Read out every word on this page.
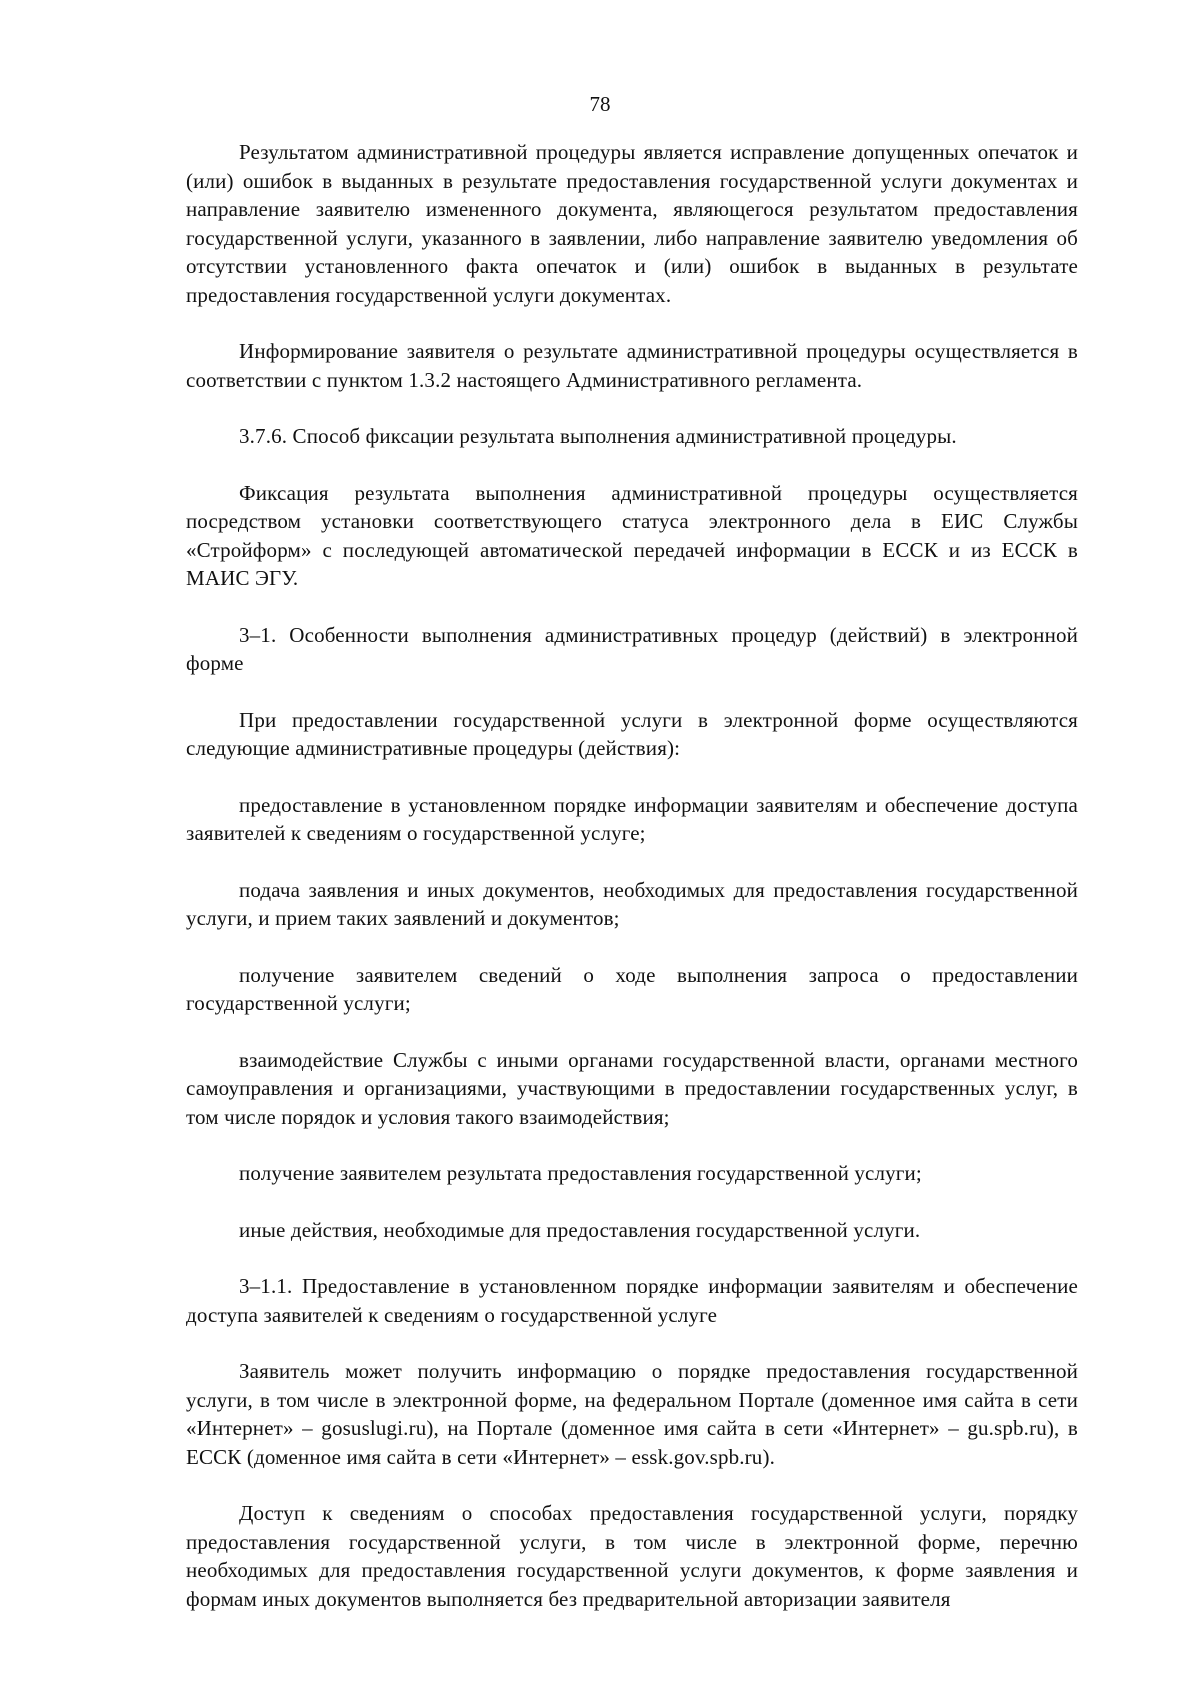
78

Результатом административной процедуры является исправление допущенных опечаток и (или) ошибок в выданных в результате предоставления государственной услуги документах и направление заявителю измененного документа, являющегося результатом предоставления государственной услуги, указанного в заявлении, либо направление заявителю уведомления об отсутствии установленного факта опечаток и (или) ошибок в выданных в результате предоставления государственной услуги документах.

Информирование заявителя о результате административной процедуры осуществляется в соответствии с пунктом 1.3.2 настоящего Административного регламента.

3.7.6. Способ фиксации результата выполнения административной процедуры.

Фиксация результата выполнения административной процедуры осуществляется посредством установки соответствующего статуса электронного дела в ЕИС Службы «Стройформ» с последующей автоматической передачей информации в ЕССК и из ЕССК в МАИС ЭГУ.

3–1. Особенности выполнения административных процедур (действий) в электронной форме

При предоставлении государственной услуги в электронной форме осуществляются следующие административные процедуры (действия):

предоставление в установленном порядке информации заявителям и обеспечение доступа заявителей к сведениям о государственной услуге;

подача заявления и иных документов, необходимых для предоставления государственной услуги, и прием таких заявлений и документов;

получение заявителем сведений о ходе выполнения запроса о предоставлении государственной услуги;

взаимодействие Службы с иными органами государственной власти, органами местного самоуправления и организациями, участвующими в предоставлении государственных услуг, в том числе порядок и условия такого взаимодействия;

получение заявителем результата предоставления государственной услуги;

иные действия, необходимые для предоставления государственной услуги.

3–1.1. Предоставление в установленном порядке информации заявителям и обеспечение доступа заявителей к сведениям о государственной услуге

Заявитель может получить информацию о порядке предоставления государственной услуги, в том числе в электронной форме, на федеральном Портале (доменное имя сайта в сети «Интернет» – gosuslugi.ru), на Портале (доменное имя сайта в сети «Интернет» – gu.spb.ru), в ЕССК (доменное имя сайта в сети «Интернет» – essk.gov.spb.ru).

Доступ к сведениям о способах предоставления государственной услуги, порядку предоставления государственной услуги, в том числе в электронной форме, перечню необходимых для предоставления государственной услуги документов, к форме заявления и формам иных документов выполняется без предварительной авторизации заявителя
